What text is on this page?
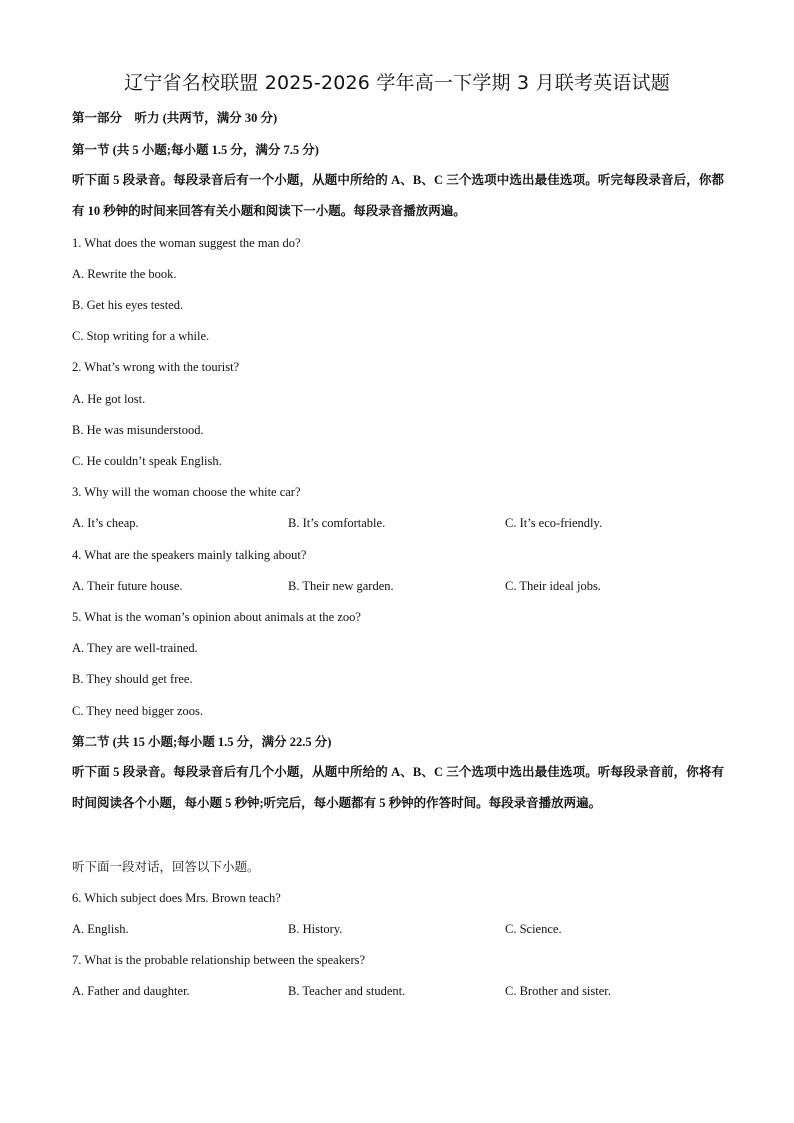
辽宁省名校联盟 2025-2026 学年高一下学期 3 月联考英语试题
第一部分　听力 (共两节，满分 30 分)
第一节 (共 5 小题;每小题 1.5 分，满分 7.5 分)
听下面 5 段录音。每段录音后有一个小题，从题中所给的 A、B、C 三个选项中选出最佳选项。听完每段录音后，你都有 10 秒钟的时间来回答有关小题和阅读下一小题。每段录音播放两遍。
1. What does the woman suggest the man do?
A. Rewrite the book.
B. Get his eyes tested.
C. Stop writing for a while.
2. What’s wrong with the tourist?
A. He got lost.
B. He was misunderstood.
C. He couldn’t speak English.
3. Why will the woman choose the white car?
A. It’s cheap.	B. It’s comfortable.	C. It’s eco-friendly.
4. What are the speakers mainly talking about?
A. Their future house.	B. Their new garden.	C. Their ideal jobs.
5. What is the woman’s opinion about animals at the zoo?
A. They are well-trained.
B. They should get free.
C. They need bigger zoos.
第二节 (共 15 小题;每小题 1.5 分，满分 22.5 分)
听下面 5 段录音。每段录音后有几个小题，从题中所给的 A、B、C 三个选项中选出最佳选项。听每段录音前，你将有时间阅读各个小题，每小题 5 秒钟;听完后，每小题都有 5 秒钟的作答时间。每段录音播放两遍。
听下面一段对话，回答以下小题。
6. Which subject does Mrs. Brown teach?
A. English.	B. History.	C. Science.
7. What is the probable relationship between the speakers?
A. Father and daughter.	B. Teacher and student.	C. Brother and sister.
